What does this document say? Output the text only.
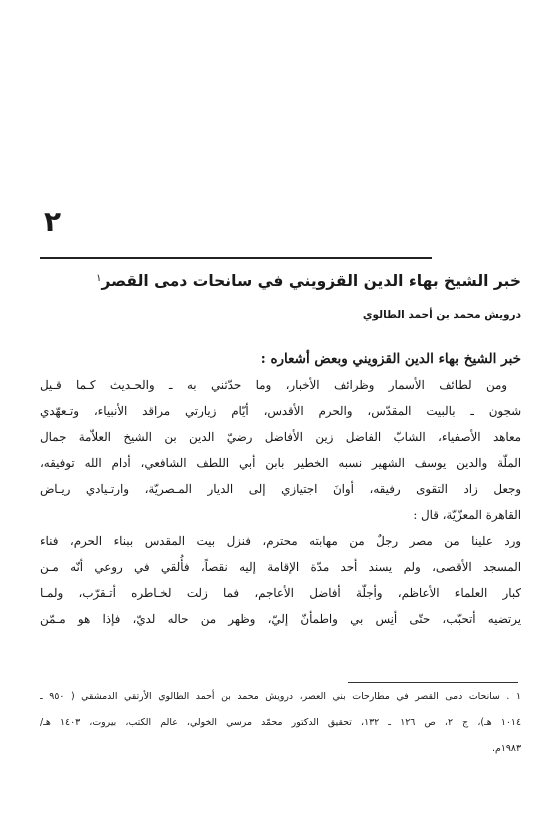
٢
خبر الشيخ بهاء الدين القزويني في سانحات دمى القصر$^١$
درويش محمد بن أحمد الطالوي
خبر الشيخ بهاء الدين القزويني وبعض أشعاره :
ومن لطائف الأسمار وظرائف الأخبار، وما حدّثني به ـ والحـديث كـما قـيل
شجون ـ بالبيت المقدّس، والحرم الأقدس، أيّام زيارتي مراقد الأنبياء، وتـعهّدي
معاهد الأصفياء، الشابّ الفاضل زين الأفاضل رضيّ الدين بن الشيخ العلاّمة جمال
الملّة والدين يوسف الشهير نسبه الخطير بابن أبي اللطف الشافعي، أدام الله توفيقه،
وجعل زاد التقوى رفيقه، أوانَ اجتيازي إلى الديار المـصريّة، وارتـيادي ريـاض
القاهرة المعزّيّة، قال :
ورد علينا من مصر رجلٌ من مهابته محترم، فنزل بيت المقدس ببناء الحرم، فناء
المسجد الأقصى، ولم يسند أحد مدّة الإقامة إليه نقصاً، فأُلقي في روعي أنّه مـن
كبار العلماء الأعاظم، وأجلّة أفاضل الأعاجم، فما زلت لخـاطره أتـقرّب، ولمـا
يرتضيه أتحبّب، حتّى أنِس بي واطمأنّ إليّ، وظهر من حاله لديّ، فإذا هو مـمّن
١ . سانحات دمى القصر في مطارحات بني العصر، درويش محمد بن أحمد الطالوي الأرتقي الدمشقي ( ٩٥٠ ـ
١٠١٤ هـ)، ج ٢، ص ١٢٦ ـ ١٣٢، تحقيق الدكتور محمّد مرسي الخولي، عالم الكتب، بيروت، ١٤٠٣ هـ/
١٩٨٣م.
